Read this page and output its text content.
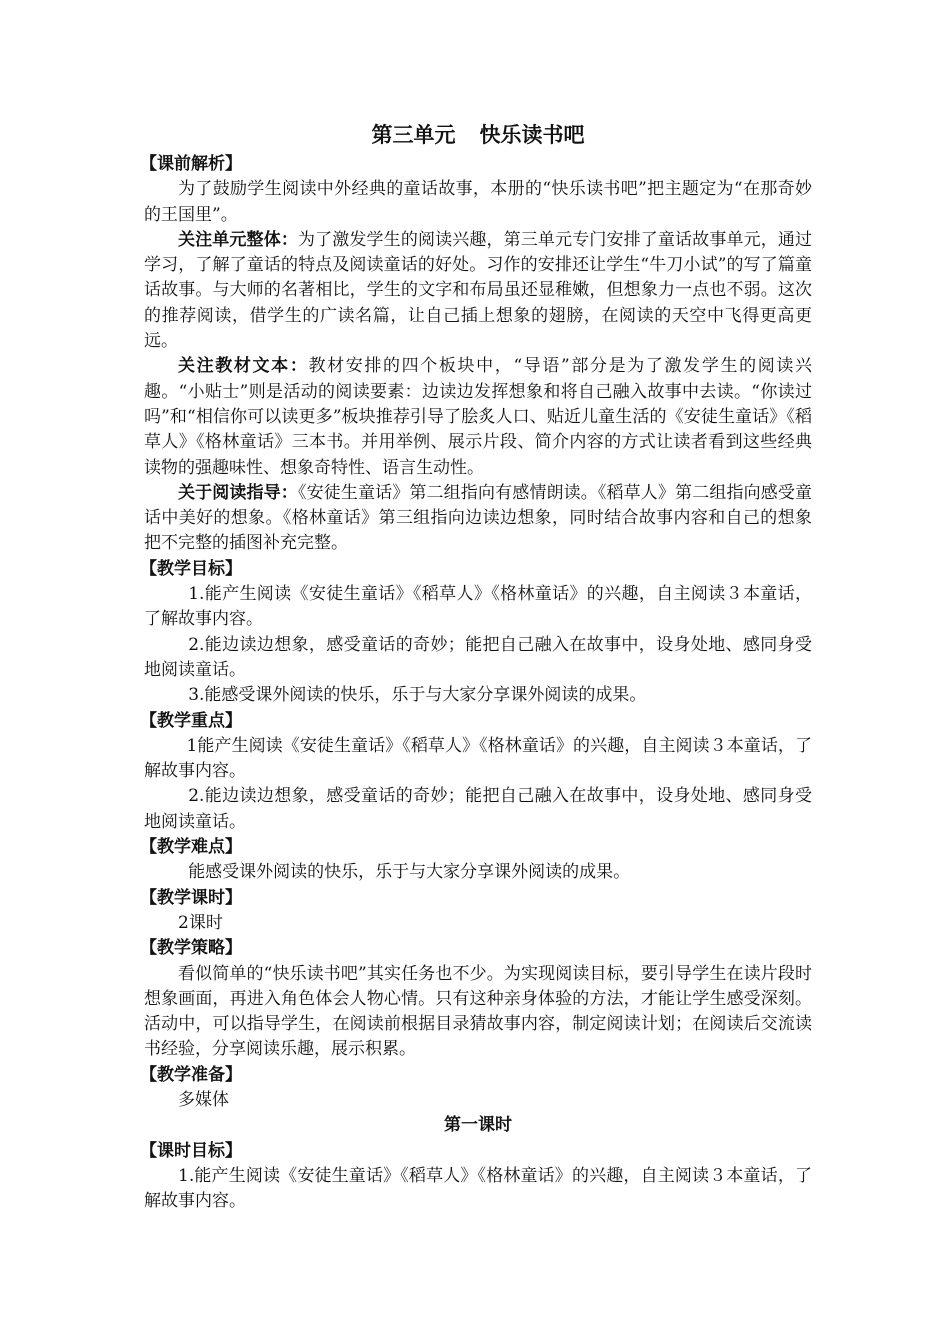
第三单元 快乐读书吧
【课前解析】

为了鼓励学生阅读中外经典的童话故事，本册的“快乐读书吧”把主题定为“在那奇妙的王国里”。

关注单元整体：为了激发学生的阅读兴趣，第三单元专门安排了童话故事单元，通过学习，了解了童话的特点及阅读童话的好处。习作的安排还让学生“牛刀小试”的写了篇童话故事。与大师的名著相比，学生的文字和布局虽还显稚嫩，但想象力一点也不弱。这次的推荐阅读，借学生的广读名篇，让自己插上想象的翅膀，在阅读的天空中飞得更高更远。

关注教材文本：教材安排的四个板块中，“导语”部分是为了激发学生的阅读兴趣。“小贴士”则是活动的阅读要素：边读边发挥想象和将自己融入故事中去读。“你读过吗”和“相信你可以读更多”板块推荐引导了脍炙人口、贴近儿童生活的《安徒生童话》《稻草人》《格林童话》三本书。并用举例、展示片段、简介内容的方式让读者看到这些经典读物的强趣味性、想象奇特性、语言生动性。

关于阅读指导：《安徒生童话》第二组指向有感情朗读。《稻草人》第二组指向感受童话中美好的想象。《格林童话》第三组指向边读边想象，同时结合故事内容和自己的想象把不完整的插图补充完整。

【教学目标】

1.能产生阅读《安徒生童话》《稻草人》《格林童话》的兴趣，自主阅读３本童话，了解故事内容。

2.能边读边想象，感受童话的奇妙；能把自己融入在故事中，设身处地、感同身受地阅读童话。

3.能感受课外阅读的快乐，乐于与大家分享课外阅读的成果。

【教学重点】

1能产生阅读《安徒生童话》《稻草人》《格林童话》的兴趣，自主阅读３本童话，了解故事内容。

2.能边读边想象，感受童话的奇妙；能把自己融入在故事中，设身处地、感同身受地阅读童话。

【教学难点】

能感受课外阅读的快乐，乐于与大家分享课外阅读的成果。

【教学课时】

2课时

【教学策略】

看似简单的“快乐读书吧”其实任务也不少。为实现阅读目标，要引导学生在读片段时想象画面，再进入角色体会人物心情。只有这种亲身体验的方法，才能让学生感受深刻。活动中，可以指导学生，在阅读前根据目录猜故事内容，制定阅读计划；在阅读后交流读书经验，分享阅读乐趣，展示积累。

【教学准备】

多媒体

第一课时
【课时目标】

1.能产生阅读《安徒生童话》《稻草人》《格林童话》的兴趣，自主阅读３本童话，了解故事内容。
